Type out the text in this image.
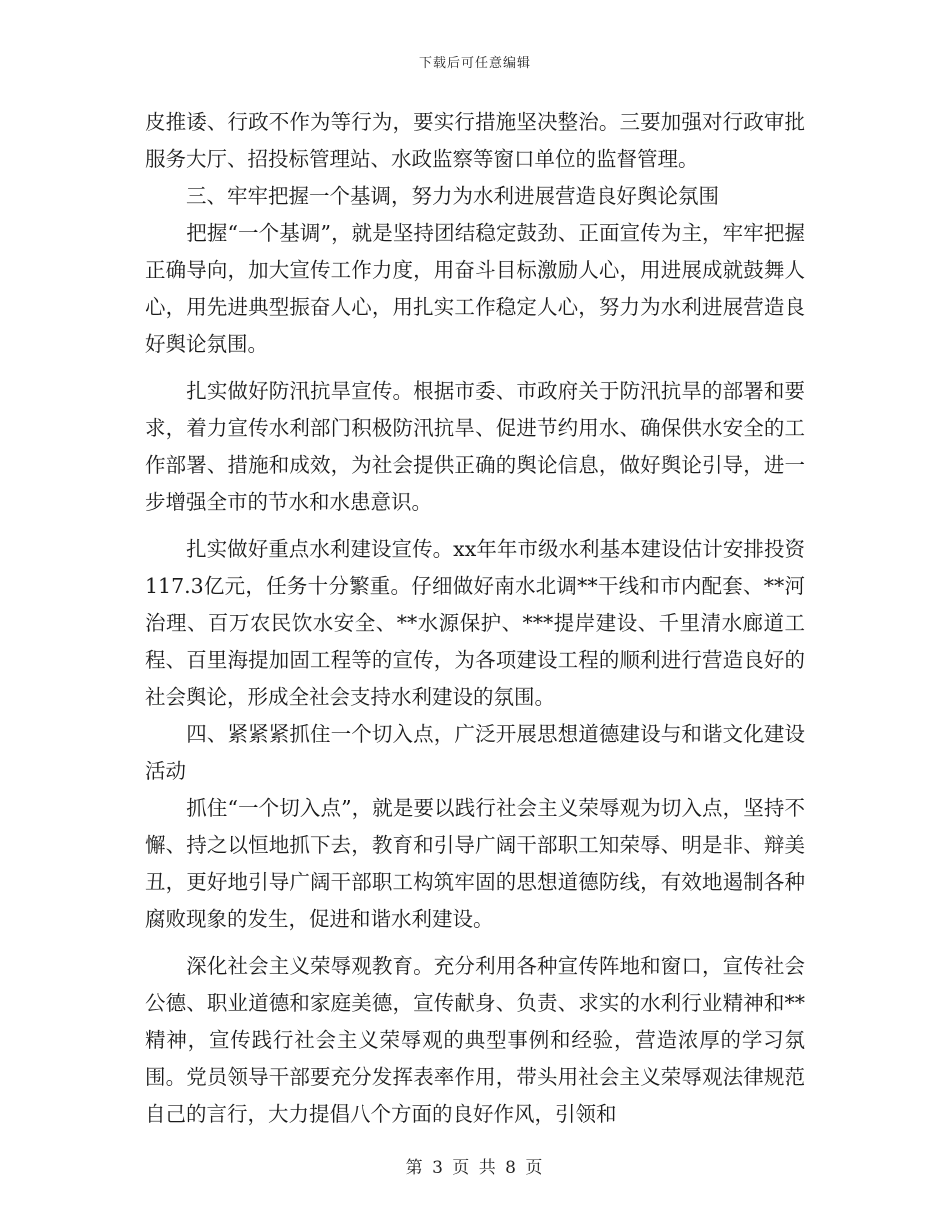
下载后可任意编辑

皮推诿、行政不作为等行为，要实行措施坚决整治。三要加强对行政审批服务大厅、招投标管理站、水政监察等窗口单位的监督管理。

　　三、牢牢把握一个基调，努力为水利进展营造良好舆论氛围

　　把握“一个基调”，就是坚持团结稳定鼓劲、正面宣传为主，牢牢把握正确导向，加大宣传工作力度，用奋斗目标激励人心，用进展成就鼓舞人心，用先进典型振奋人心，用扎实工作稳定人心，努力为水利进展营造良好舆论氛围。

　　扎实做好防汛抗旱宣传。根据市委、市政府关于防汛抗旱的部署和要求，着力宣传水利部门积极防汛抗旱、促进节约用水、确保供水安全的工作部署、措施和成效，为社会提供正确的舆论信息，做好舆论引导，进一步增强全市的节水和水患意识。

　　扎实做好重点水利建设宣传。xx年年市级水利基本建设估计安排投资117.3亿元，任务十分繁重。仔细做好南水北调**干线和市内配套、**河治理、百万农民饮水安全、**水源保护、***提岸建设、千里清水廊道工程、百里海提加固工程等的宣传，为各项建设工程的顺利进行营造良好的社会舆论，形成全社会支持水利建设的氛围。

　　四、紧紧紧抓住一个切入点，广泛开展思想道德建设与和谐文化建设活动

　　抓住“一个切入点”，就是要以践行社会主义荣辱观为切入点，坚持不懈、持之以恒地抓下去，教育和引导广阔干部职工知荣辱、明是非、辩美丑，更好地引导广阔干部职工构筑牢固的思想道德防线，有效地遏制各种腐败现象的发生，促进和谐水利建设。

　　深化社会主义荣辱观教育。充分利用各种宣传阵地和窗口，宣传社会公德、职业道德和家庭美德，宣传献身、负责、求实的水利行业精神和**精神，宣传践行社会主义荣辱观的典型事例和经验，营造浓厚的学习氛围。党员领导干部要充分发挥表率作用，带头用社会主义荣辱观法律规范自己的言行，大力提倡八个方面的良好作风，引领和

第 3 页 共 8 页
